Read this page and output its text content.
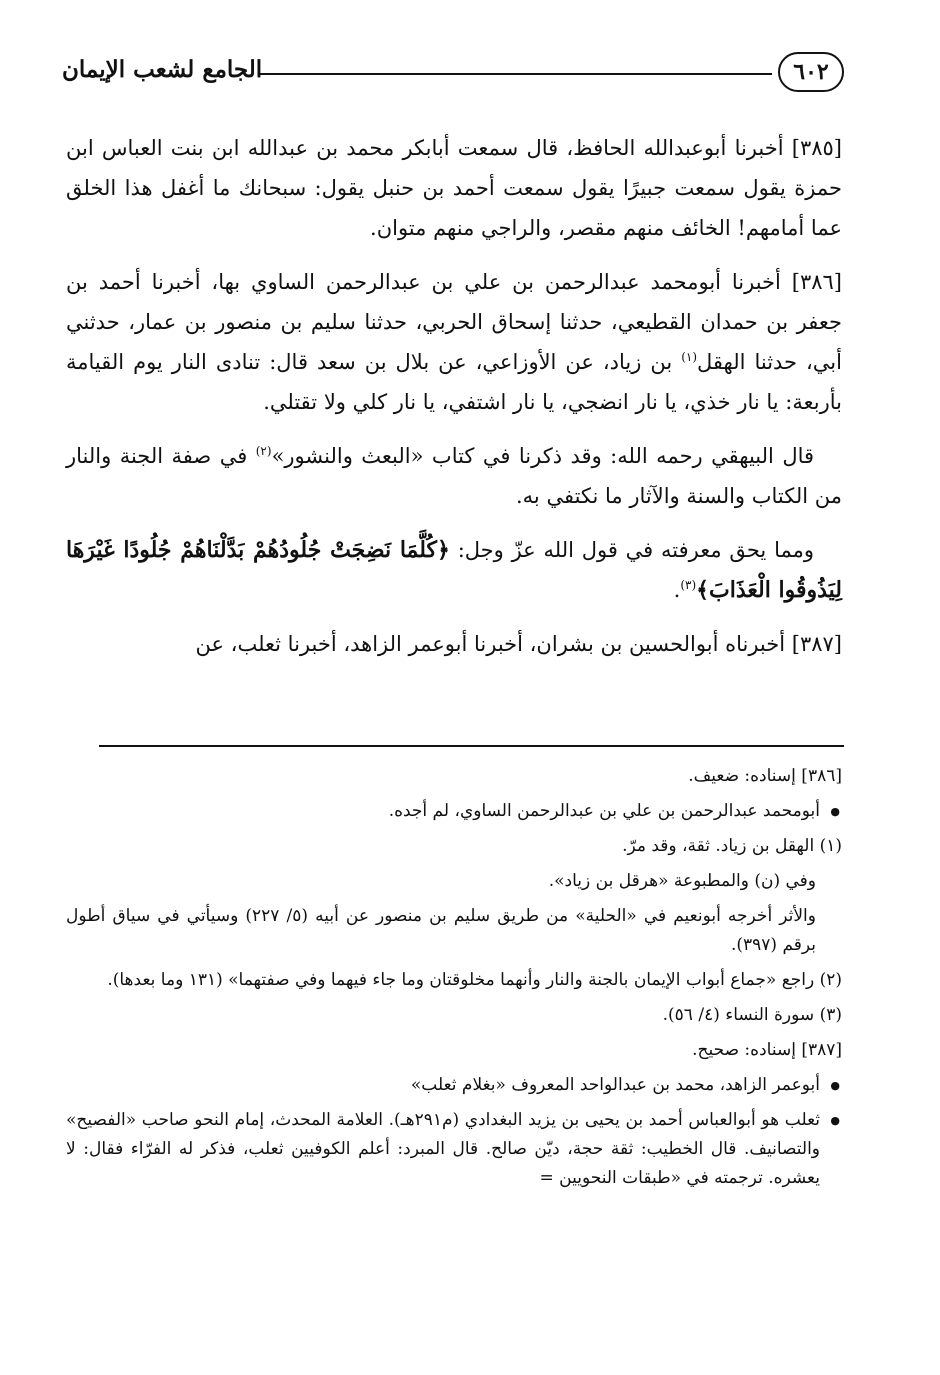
٦٠٢
الجامع لشعب الإيمان

[٣٨٥] أخبرنا أبوعبدالله الحافظ، قال سمعت أبابكر محمد بن عبدالله ابن بنت العباس ابن حمزة يقول سمعت جبيرًا يقول سمعت أحمد بن حنبل يقول: سبحانك ما أغفل هذا الخلق عما أمامهم! الخائف منهم مقصر، والراجي منهم متوان.

[٣٨٦] أخبرنا أبومحمد عبدالرحمن بن علي بن عبدالرحمن الساوي بها، أخبرنا أحمد بن جعفر بن حمدان القطيعي، حدثنا إسحاق الحربي، حدثنا سليم بن منصور بن عمار، حدثني أبي، حدثنا الهقل$^{(١)}$ بن زياد، عن الأوزاعي، عن بلال بن سعد قال: تنادى النار يوم القيامة بأربعة: يا نار خذي، يا نار انضجي، يا نار اشتفي، يا نار كلي ولا تقتلي.

قال البيهقي رحمه الله: وقد ذكرنا في كتاب «البعث والنشور»$^{(٢)}$ في صفة الجنة والنار من الكتاب والسنة والآثار ما نكتفي به.

ومما يحق معرفته في قول الله عزّ وجل: ﴿كُلَّمَا نَضِجَتْ جُلُودُهُمْ بَدَّلْنَاهُمْ جُلُودًا غَيْرَهَا لِيَذُوقُوا الْعَذَابَ﴾$^{(٣)}$.

[٣٨٧] أخبرناه أبوالحسين بن بشران، أخبرنا أبوعمر الزاهد، أخبرنا ثعلب، عن

[٣٨٦] إسناده: ضعيف.

● أبومحمد عبدالرحمن بن علي بن عبدالرحمن الساوي، لم أجده.

(١) الهقل بن زياد. ثقة، وقد مرّ.

وفي (ن) والمطبوعة «هرقل بن زياد».

والأثر أخرجه أبونعيم في «الحلية» من طريق سليم بن منصور عن أبيه (٥/ ٢٢٧) وسيأتي في سياق أطول برقم (٣٩٧).

(٢) راجع «جماع أبواب الإيمان بالجنة والنار وأنهما مخلوقتان وما جاء فيهما وفي صفتهما» (١٣١ وما بعدها).

(٣) سورة النساء (٤/ ٥٦).

[٣٨٧] إسناده: صحيح.

● أبوعمر الزاهد، محمد بن عبدالواحد المعروف «بغلام ثعلب»

● ثعلب هو أبوالعباس أحمد بن يحيى بن يزيد البغدادي (م٢٩١هـ). العلامة المحدث، إمام النحو صاحب «الفصيح» والتصانيف. قال الخطيب: ثقة حجة، ديّن صالح. قال المبرد: أعلم الكوفيين ثعلب، فذكر له الفرّاء فقال: لا يعشره. ترجمته في «طبقات النحويين =
